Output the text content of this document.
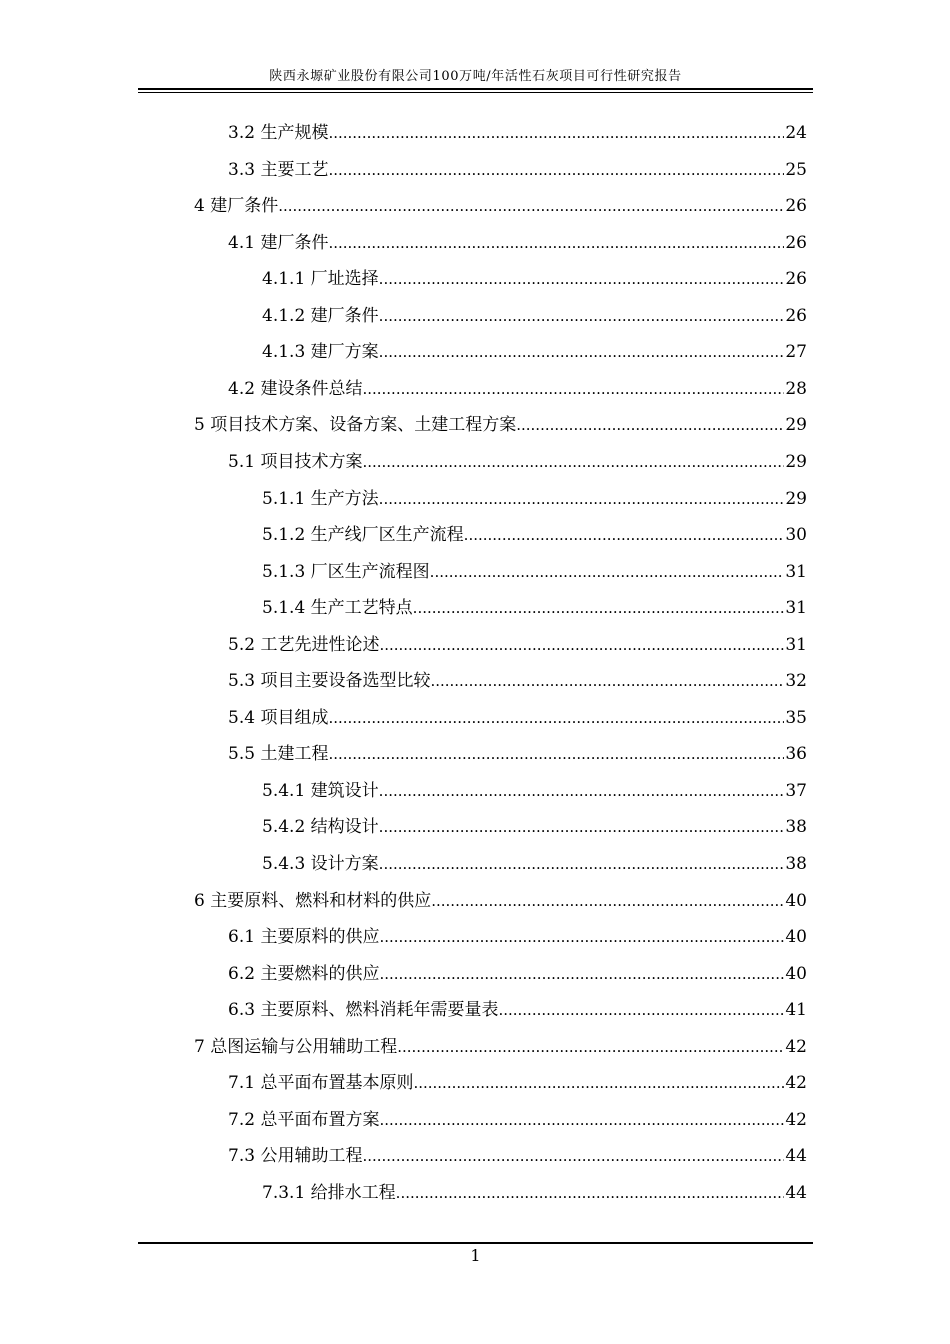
陕西永塬矿业股份有限公司100万吨/年活性石灰项目可行性研究报告
3.2 生产规模 .....	24
3.3 主要工艺 .....	25
4 建厂条件 .....	26
4.1 建厂条件 .....	26
4.1.1 厂址选择 .....	26
4.1.2 建厂条件 .....	26
4.1.3 建厂方案 .....	27
4.2 建设条件总结 .....	28
5 项目技术方案、设备方案、土建工程方案 .....	29
5.1 项目技术方案 .....	29
5.1.1 生产方法 .....	29
5.1.2 生产线厂区生产流程 .....	30
5.1.3 厂区生产流程图 .....	31
5.1.4 生产工艺特点 .....	31
5.2 工艺先进性论述 .....	31
5.3 项目主要设备选型比较 .....	32
5.4 项目组成 .....	35
5.5 土建工程 .....	36
5.4.1 建筑设计 .....	37
5.4.2 结构设计 .....	38
5.4.3 设计方案 .....	38
6 主要原料、燃料和材料的供应 .....	40
6.1 主要原料的供应 .....	40
6.2 主要燃料的供应 .....	40
6.3 主要原料、燃料消耗年需要量表 .....	41
7 总图运输与公用辅助工程 .....	42
7.1 总平面布置基本原则 .....	42
7.2 总平面布置方案 .....	42
7.3 公用辅助工程 .....	44
7.3.1 给排水工程 .....	44
1
